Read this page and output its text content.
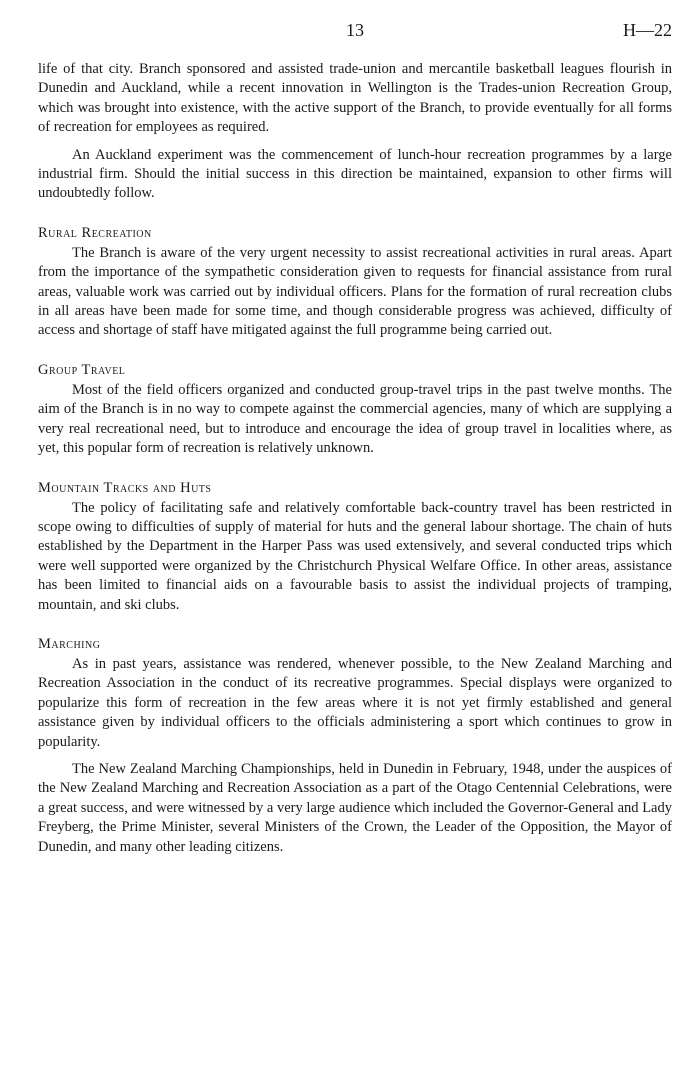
13	H—22

life of that city. Branch sponsored and assisted trade-union and mercantile basketball leagues flourish in Dunedin and Auckland, while a recent innovation in Wellington is the Trades-union Recreation Group, which was brought into existence, with the active support of the Branch, to provide eventually for all forms of recreation for employees as required.

An Auckland experiment was the commencement of lunch-hour recreation programmes by a large industrial firm. Should the initial success in this direction be maintained, expansion to other firms will undoubtedly follow.

Rural Recreation

The Branch is aware of the very urgent necessity to assist recreational activities in rural areas. Apart from the importance of the sympathetic consideration given to requests for financial assistance from rural areas, valuable work was carried out by individual officers. Plans for the formation of rural recreation clubs in all areas have been made for some time, and though considerable progress was achieved, difficulty of access and shortage of staff have mitigated against the full programme being carried out.

Group Travel

Most of the field officers organized and conducted group-travel trips in the past twelve months. The aim of the Branch is in no way to compete against the commercial agencies, many of which are supplying a very real recreational need, but to introduce and encourage the idea of group travel in localities where, as yet, this popular form of recreation is relatively unknown.

Mountain Tracks and Huts

The policy of facilitating safe and relatively comfortable back-country travel has been restricted in scope owing to difficulties of supply of material for huts and the general labour shortage. The chain of huts established by the Department in the Harper Pass was used extensively, and several conducted trips which were well supported were organized by the Christchurch Physical Welfare Office. In other areas, assistance has been limited to financial aids on a favourable basis to assist the individual projects of tramping, mountain, and ski clubs.

Marching

As in past years, assistance was rendered, whenever possible, to the New Zealand Marching and Recreation Association in the conduct of its recreative programmes. Special displays were organized to popularize this form of recreation in the few areas where it is not yet firmly established and general assistance given by individual officers to the officials administering a sport which continues to grow in popularity.

The New Zealand Marching Championships, held in Dunedin in February, 1948, under the auspices of the New Zealand Marching and Recreation Association as a part of the Otago Centennial Celebrations, were a great success, and were witnessed by a very large audience which included the Governor-General and Lady Freyberg, the Prime Minister, several Ministers of the Crown, the Leader of the Opposition, the Mayor of Dunedin, and many other leading citizens.
